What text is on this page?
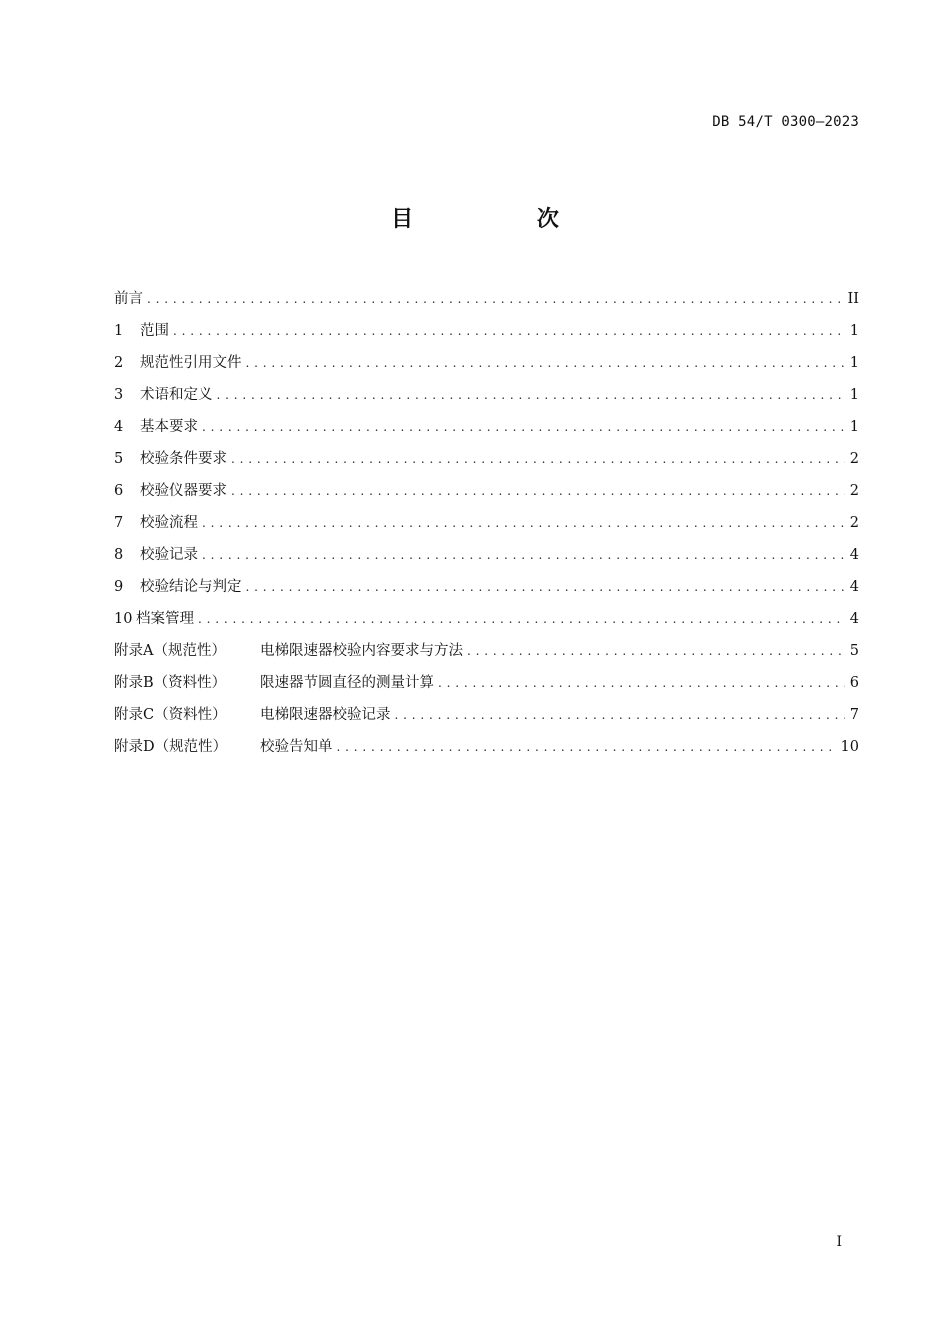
DB 54/T 0300—2023
目 次
前言 . . .	II
1	范围 . . .	1
2	规范性引用文件 . . .	1
3	术语和定义 . . .	1
4	基本要求 . . .	1
5	校验条件要求 . . .	2
6	校验仪器要求 . . .	2
7	校验流程 . . .	2
8	校验记录 . . .	4
9	校验结论与判定 . . .	4
10 档案管理 . . .	4
附录A（规范性）	电梯限速器校验内容要求与方法 . . .	5
附录B（资料性）	限速器节圆直径的测量计算 . . .	6
附录C（资料性）	电梯限速器校验记录 . . .	7
附录D（规范性）	校验告知单 . . .	10
I
